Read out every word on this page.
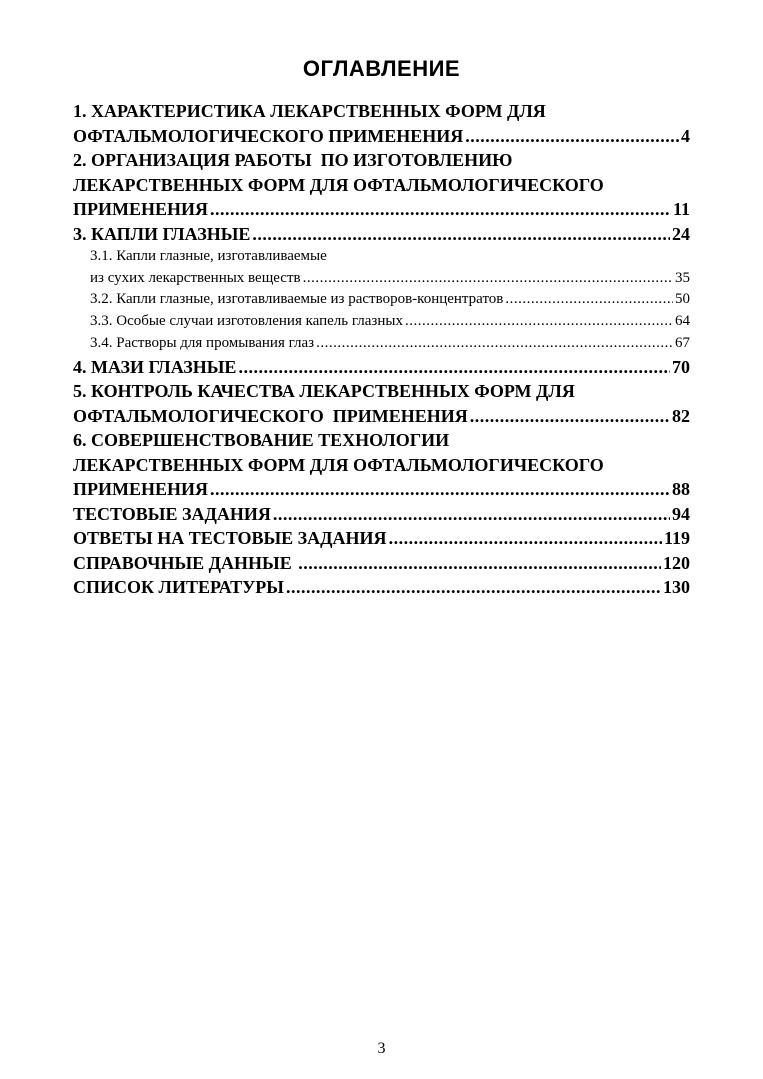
ОГЛАВЛЕНИЕ
1. ХАРАКТЕРИСТИКА ЛЕКАРСТВЕННЫХ ФОРМ ДЛЯ
ОФТАЛЬМОЛОГИЧЕСКОГО ПРИМЕНЕНИЯ .....	4
2. ОРГАНИЗАЦИЯ РАБОТЫ  ПО ИЗГОТОВЛЕНИЮ
ЛЕКАРСТВЕННЫХ ФОРМ ДЛЯ ОФТАЛЬМОЛОГИЧЕСКОГО
ПРИМЕНЕНИЯ .....	11
3. КАПЛИ ГЛАЗНЫЕ .....	24
3.1. Капли глазные, изготавливаемые
из сухих лекарственных веществ .....	35
3.2. Капли глазные, изготавливаемые из растворов-концентратов .....	50
3.3. Особые случаи изготовления капель глазных .....	64
3.4. Растворы для промывания глаз .....	67
4. МАЗИ ГЛАЗНЫЕ .....	70
5. КОНТРОЛЬ КАЧЕСТВА ЛЕКАРСТВЕННЫХ ФОРМ ДЛЯ
ОФТАЛЬМОЛОГИЧЕСКОГО  ПРИМЕНЕНИЯ .....	82
6. СОВЕРШЕНСТВОВАНИЕ ТЕХНОЛОГИИ
ЛЕКАРСТВЕННЫХ ФОРМ ДЛЯ ОФТАЛЬМОЛОГИЧЕСКОГО
ПРИМЕНЕНИЯ .....	88
ТЕСТОВЫЕ ЗАДАНИЯ .....	94
ОТВЕТЫ НА ТЕСТОВЫЕ ЗАДАНИЯ .....	119
СПРАВОЧНЫЕ ДАННЫЕ .....	120
СПИСОК ЛИТЕРАТУРЫ .....	130
3
